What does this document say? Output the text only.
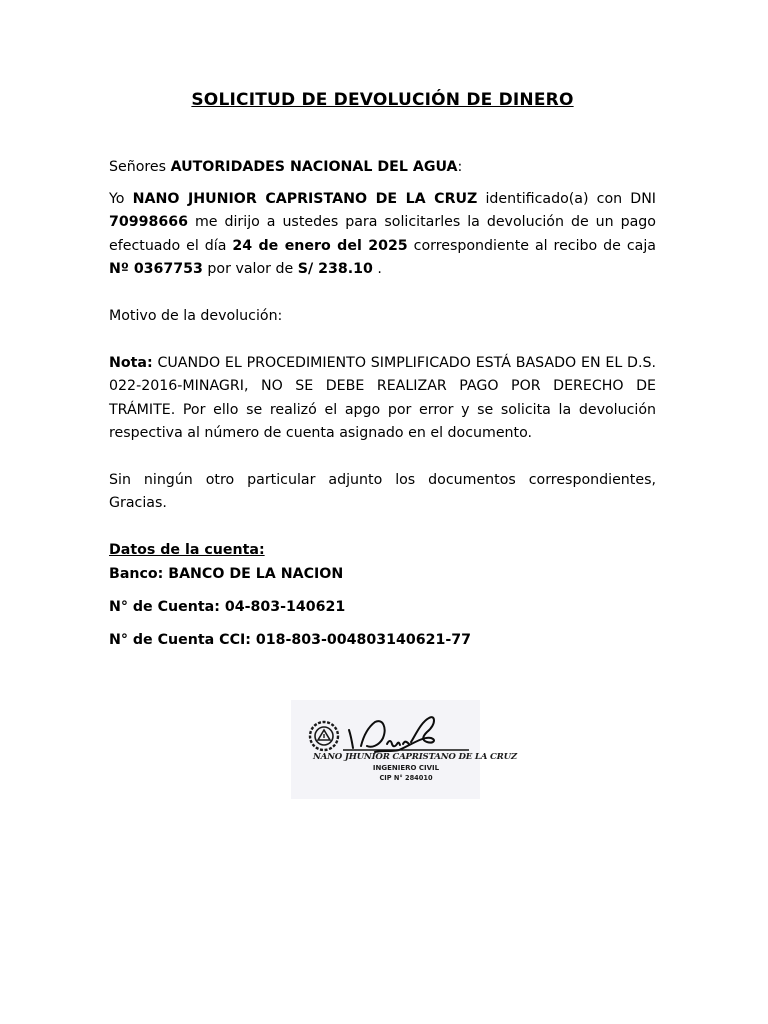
SOLICITUD DE DEVOLUCIÓN DE DINERO

Señores AUTORIDADES NACIONAL DEL AGUA:

Yo NANO JHUNIOR CAPRISTANO DE LA CRUZ identificado(a) con DNI 70998666 me dirijo a ustedes para solicitarles la devolución de un pago efectuado el día 24 de enero del 2025 correspondiente al recibo de caja Nº 0367753 por valor de S/ 238.10 .

Motivo de la devolución:

Nota: CUANDO EL PROCEDIMIENTO SIMPLIFICADO ESTÁ BASADO EN EL D.S. 022-2016-MINAGRI, NO SE DEBE REALIZAR PAGO POR DERECHO DE TRÁMITE. Por ello se realizó el apgo por error y se solicita la devolución respectiva al número de cuenta asignado en el documento.

Sin ningún otro particular adjunto los documentos correspondientes, Gracias.

Datos de la cuenta:

Banco: BANCO DE LA NACION

N° de Cuenta: 04-803-140621

N° de Cuenta CCI: 018-803-004803140621-77

NANO JHUNIOR CAPRISTANO DE LA CRUZ
INGENIERO CIVIL
CIP N° 284010
